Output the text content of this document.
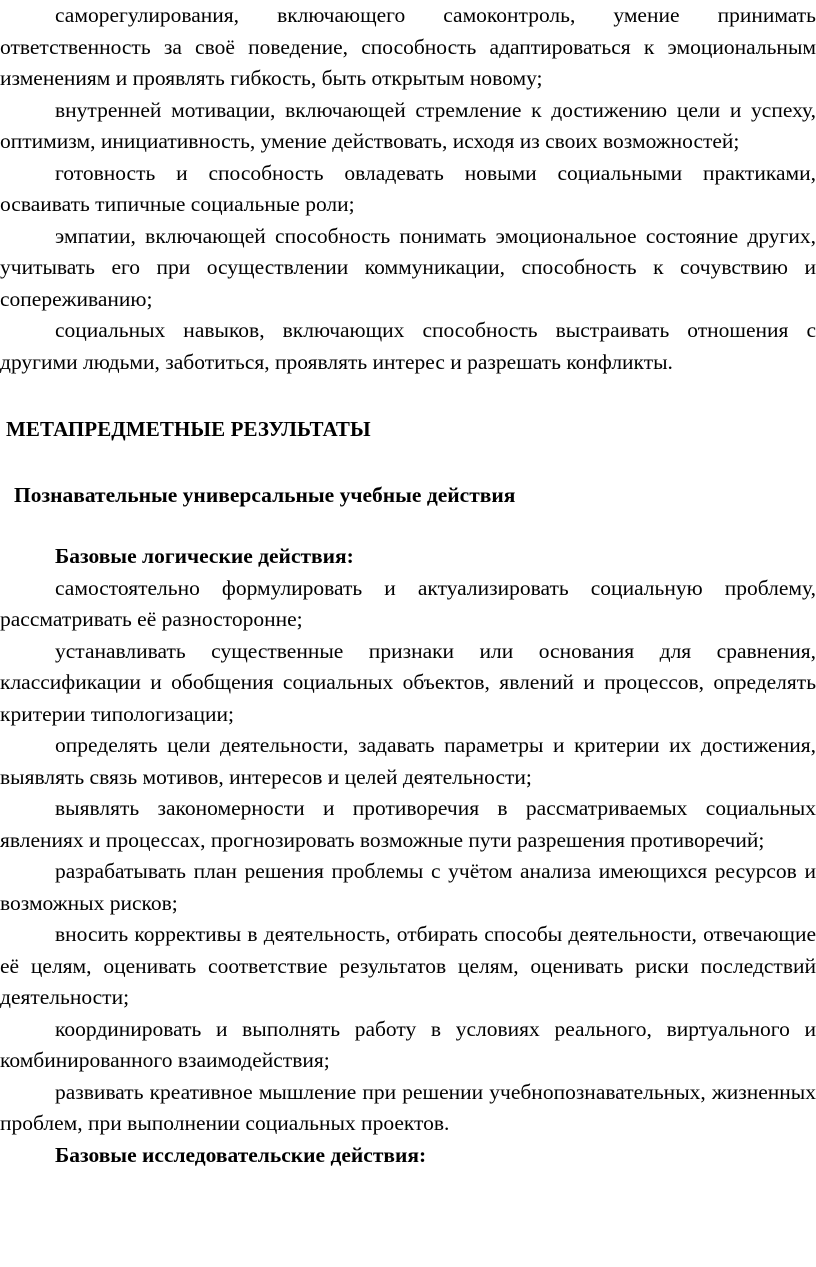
саморегулирования, включающего самоконтроль, умение принимать ответственность за своё поведение, способность адаптироваться к эмоциональным изменениям и проявлять гибкость, быть открытым новому;

внутренней мотивации, включающей стремление к достижению цели и успеху, оптимизм, инициативность, умение действовать, исходя из своих возможностей;

готовность и способность овладевать новыми социальными практиками, осваивать типичные социальные роли;

эмпатии, включающей способность понимать эмоциональное состояние других, учитывать его при осуществлении коммуникации, способность к сочувствию и сопереживанию;

социальных навыков, включающих способность выстраивать отношения с другими людьми, заботиться, проявлять интерес и разрешать конфликты.

МЕТАПРЕДМЕТНЫЕ РЕЗУЛЬТАТЫ
Познавательные универсальные учебные действия
Базовые логические действия:

самостоятельно формулировать и актуализировать социальную проблему, рассматривать её разносторонне;

устанавливать существенные признаки или основания для сравнения, классификации и обобщения социальных объектов, явлений и процессов, определять критерии типологизации;

определять цели деятельности, задавать параметры и критерии их достижения, выявлять связь мотивов, интересов и целей деятельности;

выявлять закономерности и противоречия в рассматриваемых социальных явлениях и процессах, прогнозировать возможные пути разрешения противоречий;

разрабатывать план решения проблемы с учётом анализа имеющихся ресурсов и возможных рисков;

вносить коррективы в деятельность, отбирать способы деятельности, отвечающие её целям, оценивать соответствие результатов целям, оценивать риски последствий деятельности;

координировать и выполнять работу в условиях реального, виртуального и комбинированного взаимодействия;

развивать креативное мышление при решении учебнопознавательных, жизненных проблем, при выполнении социальных проектов.

Базовые исследовательские действия:
